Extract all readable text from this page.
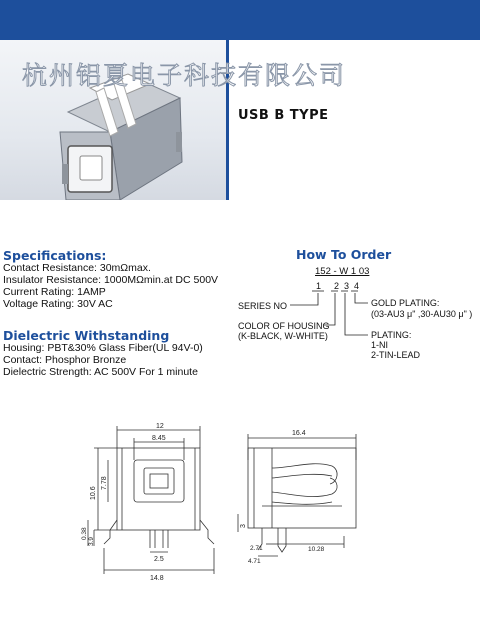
杭州铝夏电子科技有限公司
USB B TYPE
Specifications:
Contact Resistance: 30mΩmax.
Insulator Resistance: 1000MΩmin.at DC 500V
Current Rating: 1AMP
Voltage Rating: 30V AC
Dielectric Withstanding
Housing: PBT&30% Glass Fiber(UL 94V-0)
Contact: Phosphor Bronze
Dielectric Strength: AC 500V For 1 minute
How To Order
152 - W 1 03
1 2 3 4
SERIES NO
COLOR OF HOUSING
(K-BLACK, W-WHITE)
GOLD PLATING:
(03-AU3 μ" ,30-AU30 μ" )
PLATING:
1-NI
2-TIN-LEAD
12
8.45
10.6
7.78
0.38
3.9
2.5
14.8
16.4
3
2.71	10.28
4.71
